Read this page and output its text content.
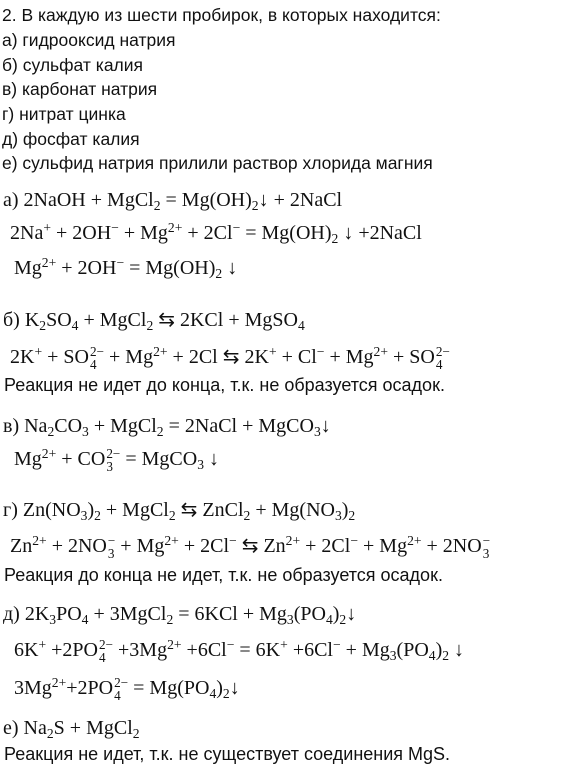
2. В каждую из шести пробирок, в которых находится:
а) гидрооксид натрия
б) сульфат калия
в) карбонат натрия
г) нитрат цинка
д) фосфат калия
е) сульфид натрия прилили раствор хлорида магния
а) 2NaOH + MgCl$_2$ = $Mg(OH)_2↓$ + 2NaCl
$2Na^+ + 2OH^- + Mg^{2+} + 2Cl^- = Mg(OH)_2$ ↓ +2NaCl
$Mg^{2+} + 2OH^- = Mg(OH)_2$ ↓
б) $K_2SO_4$ + MgCl$_2$ ⇆ 2KCl + MgSO$_4$
2K+ + SO 2−
$4 + Mg^{2+} + 2Cl$ ⇆ $2K^+ + Cl^- + Mg^{2+}$ + SO 2−
4
Реакция не идет до конца, т.к. не образуется осадок.
в) $Na_2CO_3$ + MgCl$_2$ = 2NaCl + MgCO$_3$↓
$Mg^{2+}$ + CO 2−
3 = MgCO$_3$ ↓
г) $Zn(NO_3)_2$ + MgCl$_2$ ⇆ ZnCl$_2$ + $Mg(NO_3)_2$
$Zn^{2+} + 2NO$ −
$3 + Mg^{2+} + 2Cl^-$ ⇆ $Zn^{2+} + 2Cl^- + Mg^{2+} + 2NO$ −
3
Реакция до конца не идет, т.к. не образуется осадок.
д) $2K_3PO_4$ + 3MgCl$_2$ = $6KCl + Mg_3(PO_4)_2↓$
6K+ +2PO 2−
$4 +3Mg^{2+} +6Cl^- = 6K^+ +6Cl^- + Mg_3(PO_4)_2$ ↓
$3Mg^{2+}+2PO$ 2−
$4 = Mg(PO_4)_2↓$
е) $Na_2S$ + MgCl$_2$
Реакция не идет, т.к. не существует соединения MgS.
